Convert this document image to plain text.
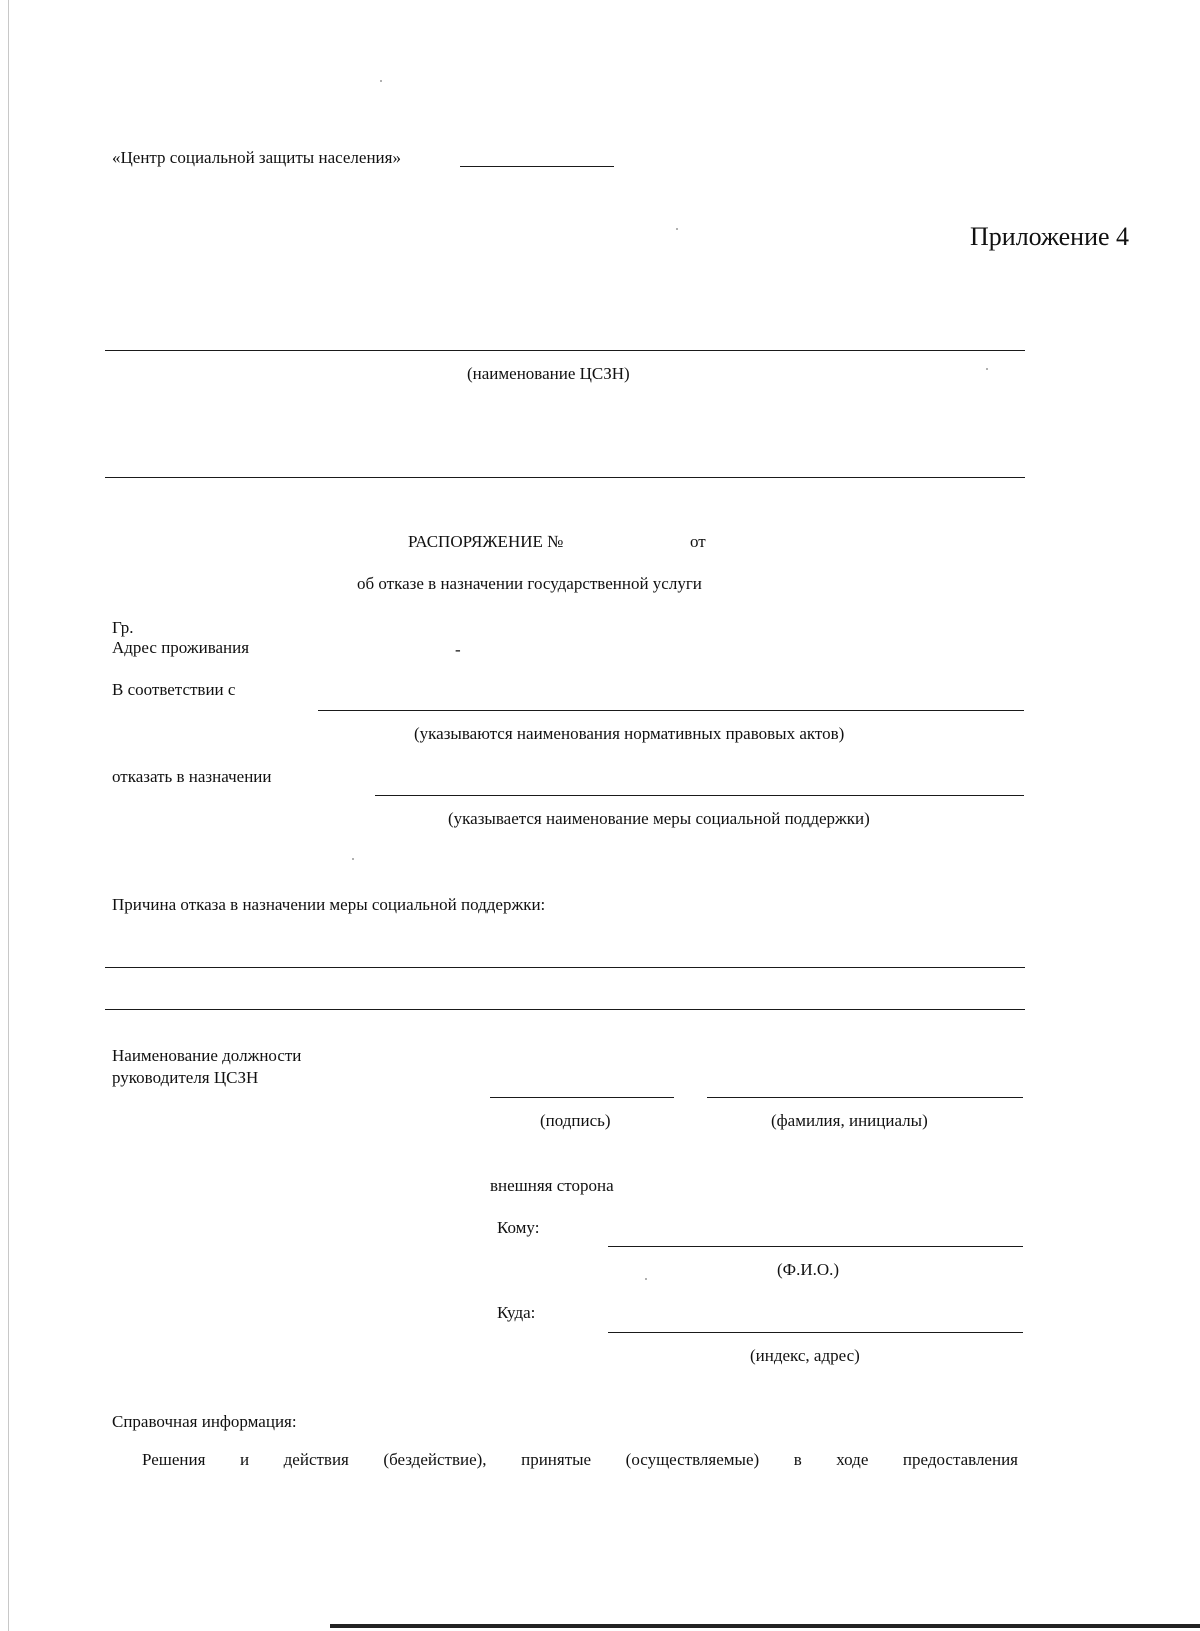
«Центр социальной защиты населения»
Приложение 4
(наименование ЦСЗН)
РАСПОРЯЖЕНИЕ №	от
об отказе в назначении государственной услуги
Гр.
Адрес проживания	-
В соответствии с
(указываются наименования нормативных правовых актов)
отказать в назначении
(указывается наименование меры социальной поддержки)
Причина отказа в назначении меры социальной поддержки:
Наименование должности
руководителя ЦСЗН
(подпись)	(фамилия, инициалы)
внешняя сторона
Кому:
(Ф.И.О.)
Куда:
(индекс, адрес)
Справочная информация:
Решения и действия (бездействие), принятые (осуществляемые) в ходе предоставления
